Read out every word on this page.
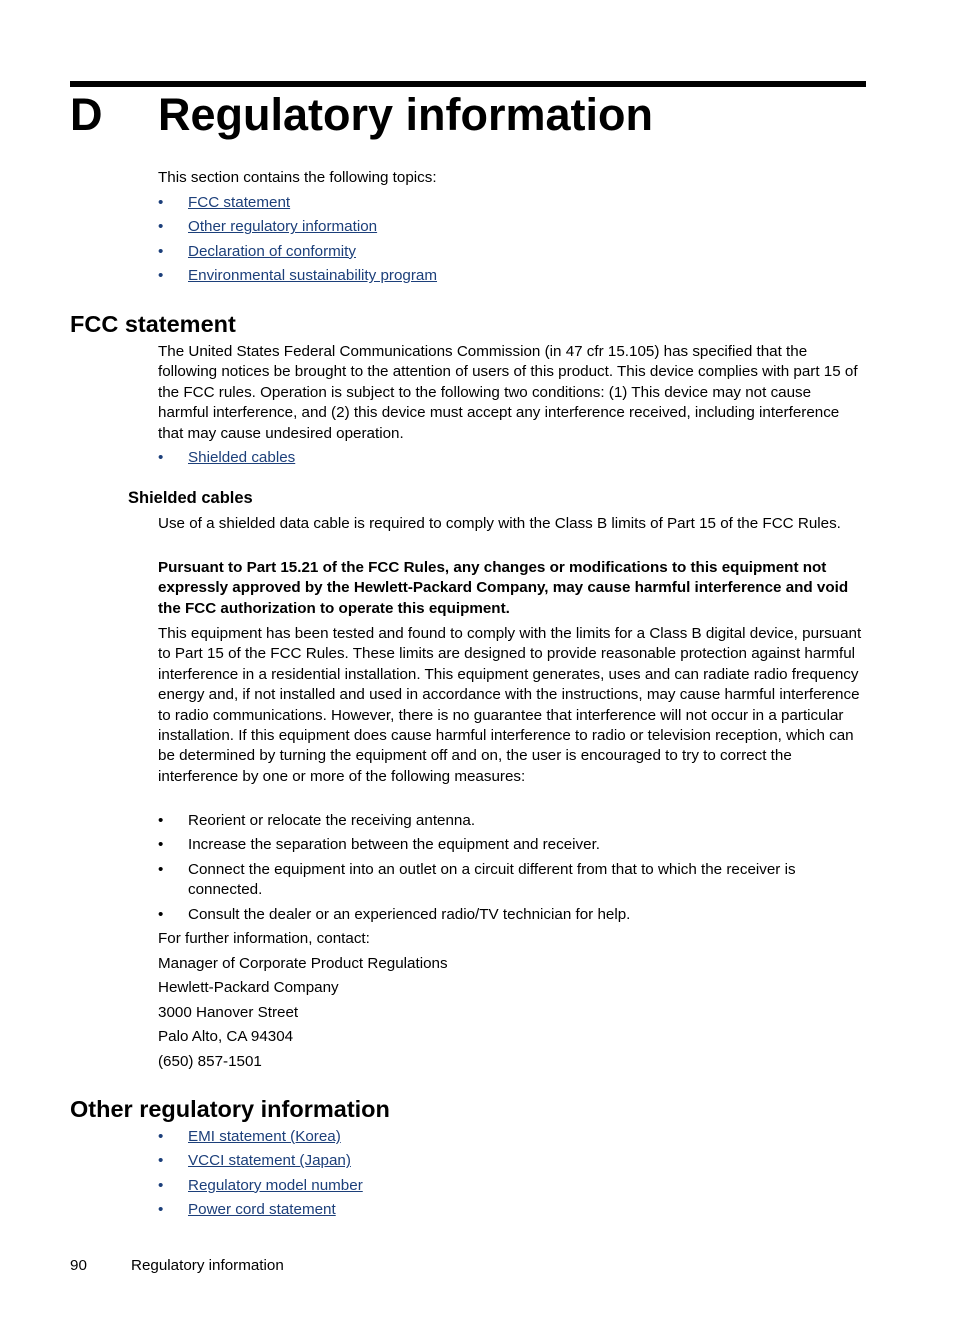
D Regulatory information
This section contains the following topics:
• FCC statement
• Other regulatory information
• Declaration of conformity
• Environmental sustainability program
FCC statement
The United States Federal Communications Commission (in 47 cfr 15.105) has specified that the following notices be brought to the attention of users of this product. This device complies with part 15 of the FCC rules. Operation is subject to the following two conditions: (1) This device may not cause harmful interference, and (2) this device must accept any interference received, including interference that may cause undesired operation.
• Shielded cables
Shielded cables
Use of a shielded data cable is required to comply with the Class B limits of Part 15 of the FCC Rules.
Pursuant to Part 15.21 of the FCC Rules, any changes or modifications to this equipment not expressly approved by the Hewlett-Packard Company, may cause harmful interference and void the FCC authorization to operate this equipment.
This equipment has been tested and found to comply with the limits for a Class B digital device, pursuant to Part 15 of the FCC Rules. These limits are designed to provide reasonable protection against harmful interference in a residential installation. This equipment generates, uses and can radiate radio frequency energy and, if not installed and used in accordance with the instructions, may cause harmful interference to radio communications. However, there is no guarantee that interference will not occur in a particular installation. If this equipment does cause harmful interference to radio or television reception, which can be determined by turning the equipment off and on, the user is encouraged to try to correct the interference by one or more of the following measures:
• Reorient or relocate the receiving antenna.
• Increase the separation between the equipment and receiver.
• Connect the equipment into an outlet on a circuit different from that to which the receiver is connected.
• Consult the dealer or an experienced radio/TV technician for help.
For further information, contact:
Manager of Corporate Product Regulations
Hewlett-Packard Company
3000 Hanover Street
Palo Alto, CA 94304
(650) 857-1501
Other regulatory information
• EMI statement (Korea)
• VCCI statement (Japan)
• Regulatory model number
• Power cord statement
90	Regulatory information
